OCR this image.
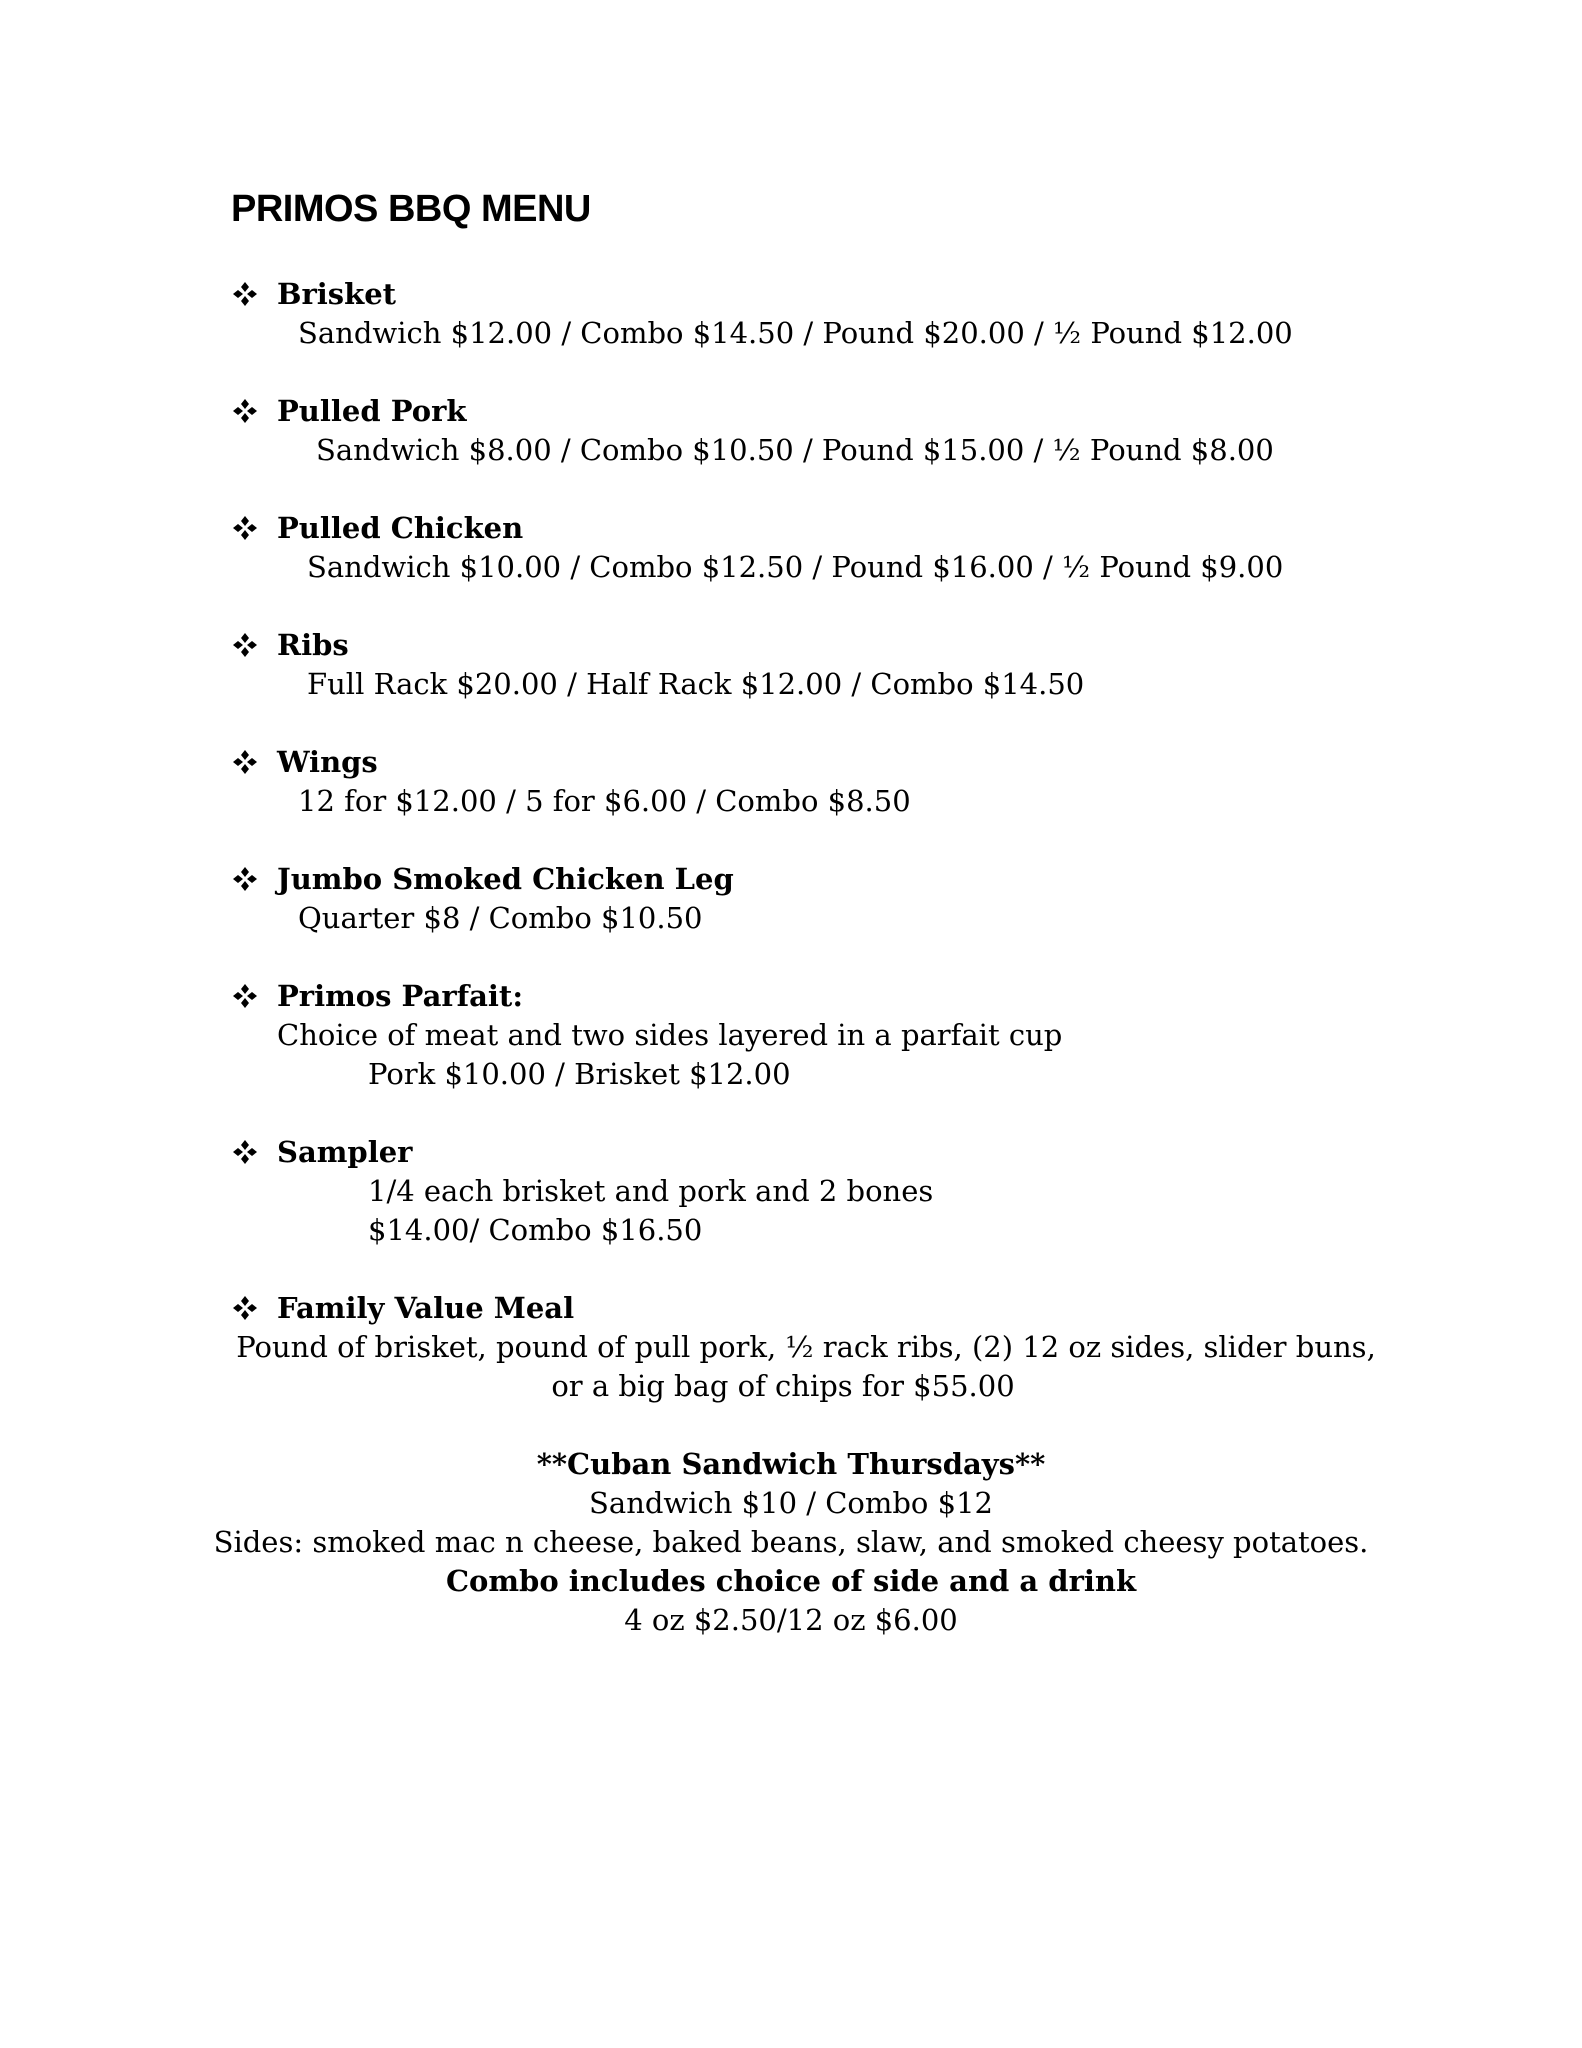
PRIMOS BBQ MENU

Brisket

Sandwich $12.00 / Combo $14.50 / Pound $20.00 / ½ Pound $12.00

Pulled Pork

Sandwich $8.00 / Combo $10.50 / Pound $15.00 / ½ Pound $8.00

Pulled Chicken

Sandwich $10.00 / Combo $12.50 / Pound $16.00 / ½ Pound $9.00

Ribs

Full Rack $20.00 / Half Rack $12.00 / Combo $14.50

Wings

12 for $12.00 / 5 for $6.00 / Combo $8.50

Jumbo Smoked Chicken Leg

Quarter $8 / Combo $10.50

Primos Parfait:

Choice of meat and two sides layered in a parfait cup

Pork $10.00 / Brisket $12.00

Sampler

1/4 each brisket and pork and 2 bones

$14.00/ Combo $16.50

Family Value Meal

Pound of brisket, pound of pull pork, ½ rack ribs, (2) 12 oz sides, slider buns,

or a big bag of chips for $55.00

**Cuban Sandwich Thursdays**

Sandwich $10 / Combo $12

Sides: smoked mac n cheese, baked beans, slaw, and smoked cheesy potatoes.

Combo includes choice of side and a drink

4 oz $2.50/12 oz $6.00
